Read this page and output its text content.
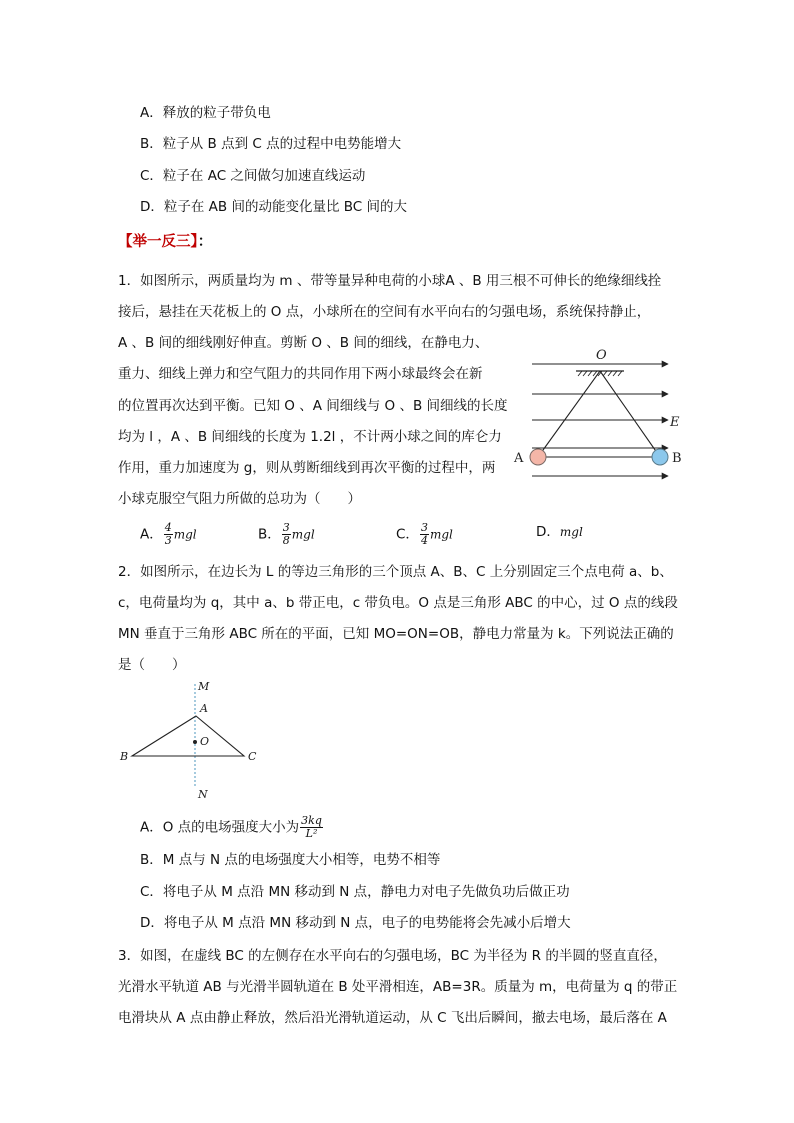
A．释放的粒子带负电
B．粒子从 B 点到 C 点的过程中电势能增大
C．粒子在 AC 之间做匀加速直线运动
D．粒子在 AB 间的动能变化量比 BC 间的大
【举一反三】：
1．如图所示，两质量均为 m 、带等量异种电荷的小球A 、B 用三根不可伸长的绝缘细线拴
接后，悬挂在天花板上的 O 点，小球所在的空间有水平向右的匀强电场，系统保持静止，
A 、B 间的细线刚好伸直。剪断 O 、B 间的细线，在静电力、
重力、细线上弹力和空气阻力的共同作用下两小球最终会在新
的位置再次达到平衡。已知 O 、A 间细线与 O 、B 间细线的长度
均为 l ，A 、B 间细线的长度为 1.2l ，不计两小球之间的库仑力
作用，重力加速度为 g，则从剪断细线到再次平衡的过程中，两
小球克服空气阻力所做的总功为（　　）
O
E
A	B
A． $\frac{4}{3}$ mgl	B． $\frac{3}{8}$ mgl	C． $\frac{3}{4}$ mgl	D．mgl
2．如图所示，在边长为 L 的等边三角形的三个顶点 A、B、C 上分别固定三个点电荷 a、b、
c，电荷量均为 q，其中 a、b 带正电，c 带负电。O 点是三角形 ABC 的中心，过 O 点的线段
MN 垂直于三角形 ABC 所在的平面，已知 MO=ON=OB，静电力常量为 k。下列说法正确的
是（　　）
M
A
O
B	C
N
A．O 点的电场强度大小为 $\frac{3kq}{\text{L²}}$
B．M 点与 N 点的电场强度大小相等，电势不相等
C．将电子从 M 点沿 MN 移动到 N 点，静电力对电子先做负功后做正功
D．将电子从 M 点沿 MN 移动到 N 点，电子的电势能将会先减小后增大
3．如图，在虚线 BC 的左侧存在水平向右的匀强电场，BC 为半径为 R 的半圆的竖直直径，
光滑水平轨道 AB 与光滑半圆轨道在 B 处平滑相连，AB=3R。质量为 m，电荷量为 q 的带正
电滑块从 A 点由静止释放，然后沿光滑轨道运动，从 C 飞出后瞬间，撤去电场，最后落在 A
